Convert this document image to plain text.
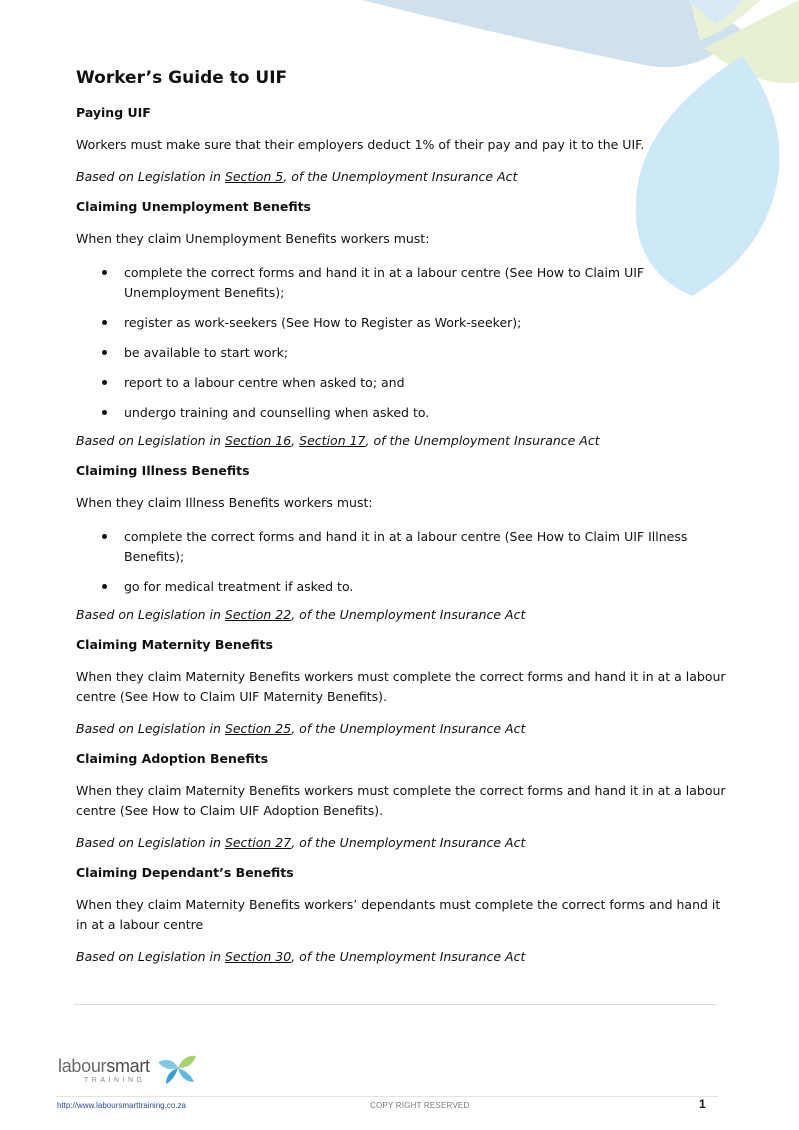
Worker’s Guide to UIF
Paying UIF
Workers must make sure that their employers deduct 1% of their pay and pay it to the UIF.
Based on Legislation in Section 5, of the Unemployment Insurance Act
Claiming Unemployment Benefits
When they claim Unemployment Benefits workers must:
complete the correct forms and hand it in at a labour centre (See How to Claim UIF Unemployment Benefits);
register as work-seekers (See How to Register as Work-seeker);
be available to start work;
report to a labour centre when asked to; and
undergo training and counselling when asked to.
Based on Legislation in Section 16, Section 17, of the Unemployment Insurance Act
Claiming Illness Benefits
When they claim Illness Benefits workers must:
complete the correct forms and hand it in at a labour centre (See How to Claim UIF Illness Benefits);
go for medical treatment if asked to.
Based on Legislation in Section 22, of the Unemployment Insurance Act
Claiming Maternity Benefits
When they claim Maternity Benefits workers must complete the correct forms and hand it in at a labour centre (See How to Claim UIF Maternity Benefits).
Based on Legislation in Section 25, of the Unemployment Insurance Act
Claiming Adoption Benefits
When they claim Maternity Benefits workers must complete the correct forms and hand it in at a labour centre (See How to Claim UIF Adoption Benefits).
Based on Legislation in Section 27, of the Unemployment Insurance Act
Claiming Dependant’s Benefits
When they claim Maternity Benefits workers’ dependants must complete the correct forms and hand it in at a labour centre
Based on Legislation in Section 30, of the Unemployment Insurance Act
laboursmart
TRAINING
http://www.laboursmarttraining.co.za	COPY RIGHT RESERVED	1
